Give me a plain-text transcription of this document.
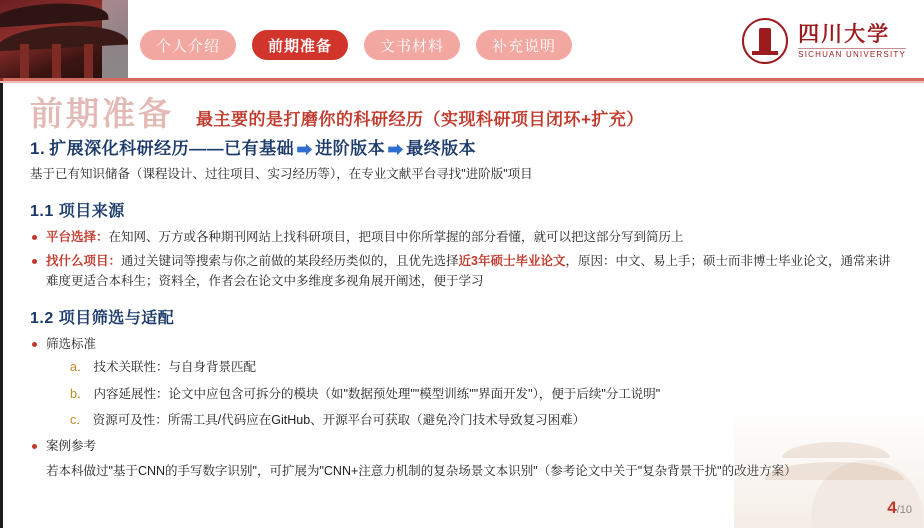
个人介绍	前期准备	文书材料	补充说明
四川大学
SICHUAN UNIVERSITY
前期准备 最主要的是打磨你的科研经历（实现科研项目闭环+扩充）
1. 扩展深化科研经历——已有基础 进阶版本 最终版本

基于已有知识储备（课程设计、过往项目、实习经历等），在专业文献平台寻找"进阶版"项目

1.1 项目来源
平台选择：在知网、万方或各种期刊网站上找科研项目，把项目中你所掌握的部分看懂，就可以把这部分写到简历上
找什么项目：通过关键词等搜索与你之前做的某段经历类似的，且优先选择近3年硕士毕业论文，原因：中文、易上手；硕士而非博士毕业论文，通常来讲难度更适合本科生；资料全，作者会在论文中多维度多视角展开阐述，便于学习
1.2 项目筛选与适配
筛选标准
a． 技术关联性：与自身背景匹配
b． 内容延展性：论文中应包含可拆分的模块（如"数据预处理""模型训练""界面开发"），便于后续"分工说明"
c． 资源可及性：所需工具/代码应在GitHub、开源平台可获取（避免冷门技术导致复习困难）
案例参考
若本科做过"基于CNN的手写数字识别"，可扩展为"CNN+注意力机制的复杂场景文本识别"（参考论文中关于"复杂背景干扰"的改进方案）
4/10
